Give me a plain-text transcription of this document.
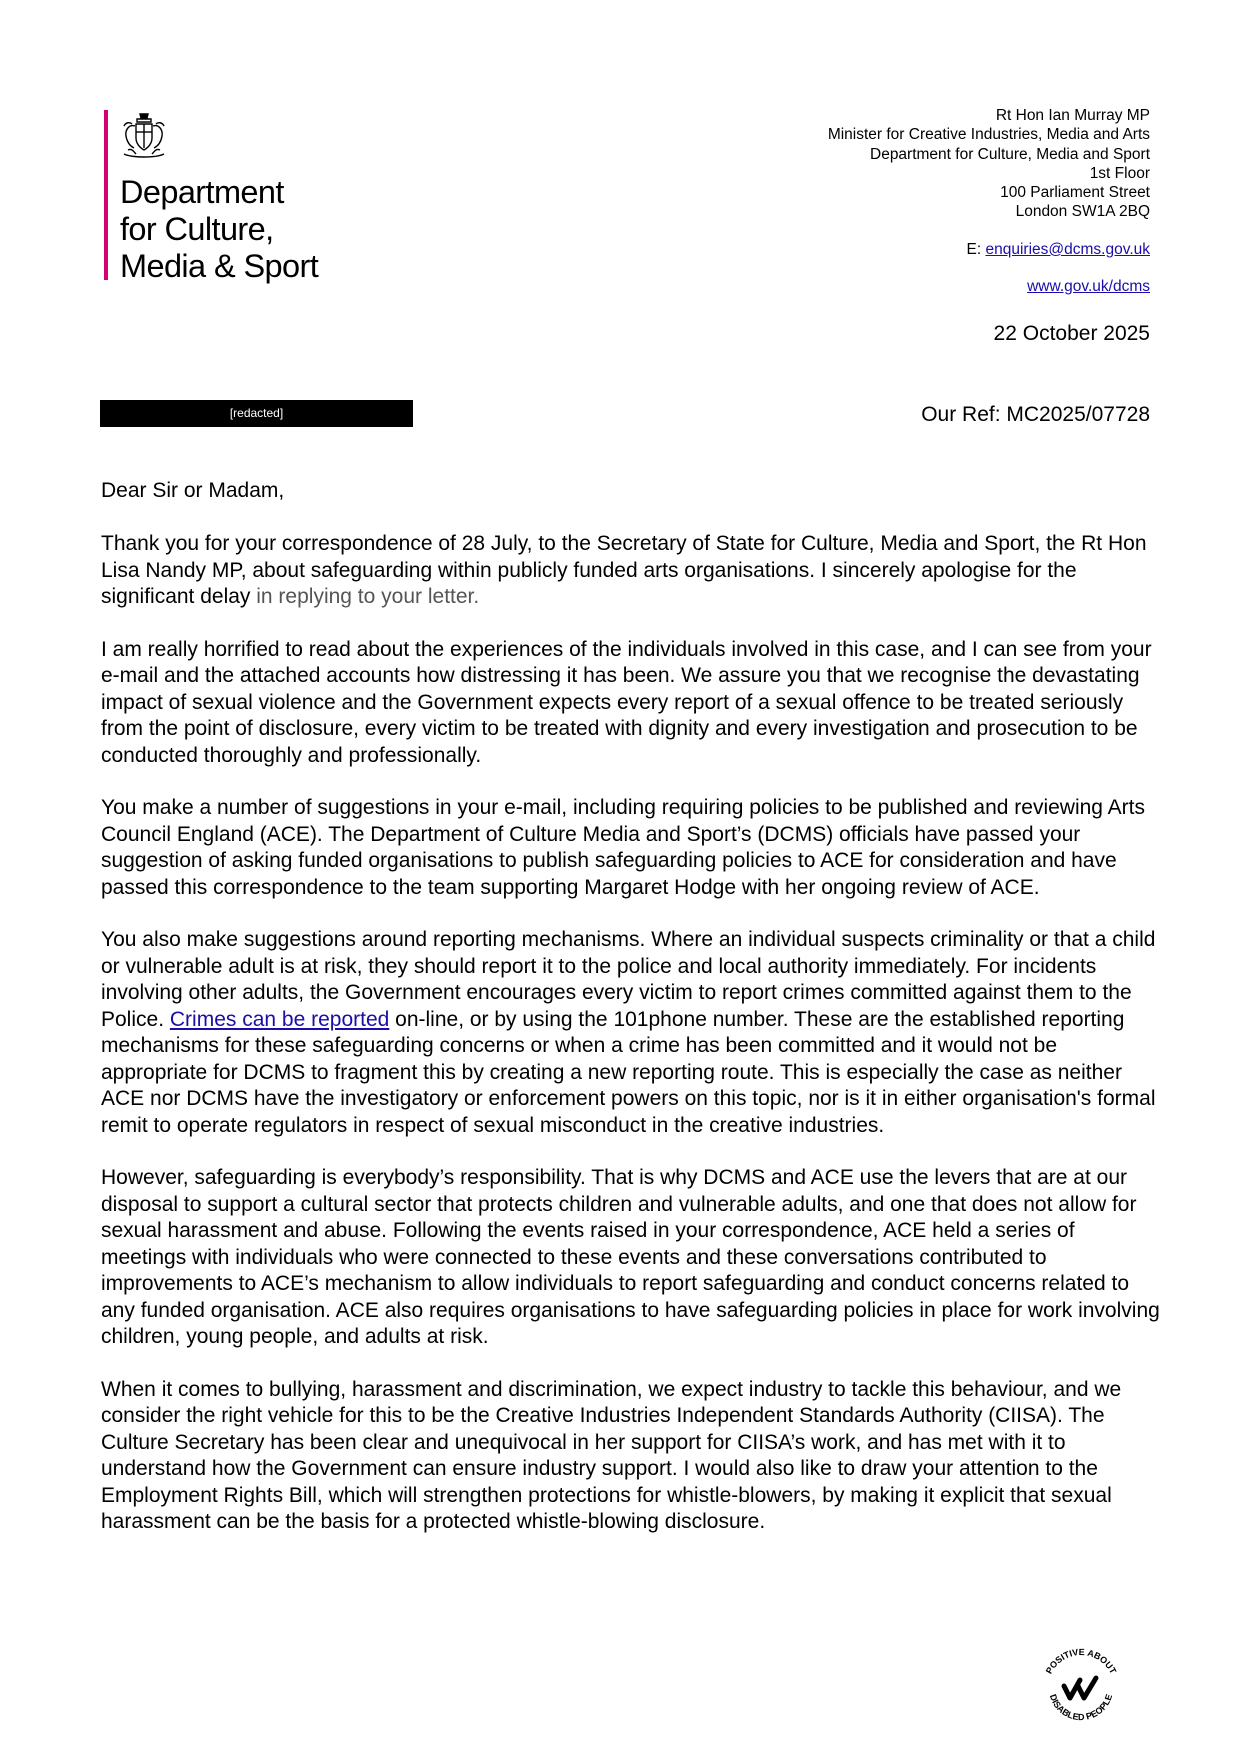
Department
for Culture,
Media & Sport
Rt Hon Ian Murray MP
Minister for Creative Industries, Media and Arts
Department for Culture, Media and Sport
1st Floor
100 Parliament Street
London SW1A 2BQ
E: enquiries@dcms.gov.uk
www.gov.uk/dcms
22 October 2025
[redacted]	Our Ref: MC2025/07728

Dear Sir or Madam,

Thank you for your correspondence of 28 July, to the Secretary of State for Culture, Media and Sport, the Rt Hon Lisa Nandy MP, about safeguarding within publicly funded arts organisations. I sincerely apologise for the significant delay in replying to your letter.

I am really horrified to read about the experiences of the individuals involved in this case, and I can see from your e-mail and the attached accounts how distressing it has been. We assure you that we recognise the devastating impact of sexual violence and the Government expects every report of a sexual offence to be treated seriously from the point of disclosure, every victim to be treated with dignity and every investigation and prosecution to be conducted thoroughly and professionally.

You make a number of suggestions in your e-mail, including requiring policies to be published and reviewing Arts Council England (ACE). The Department of Culture Media and Sport’s (DCMS) officials have passed your suggestion of asking funded organisations to publish safeguarding policies to ACE for consideration and have passed this correspondence to the team supporting Margaret Hodge with her ongoing review of ACE.

You also make suggestions around reporting mechanisms. Where an individual suspects criminality or that a child or vulnerable adult is at risk, they should report it to the police and local authority immediately. For incidents involving other adults, the Government encourages every victim to report crimes committed against them to the Police. Crimes can be reported on-line, or by using the 101phone number. These are the established reporting mechanisms for these safeguarding concerns or when a crime has been committed and it would not be appropriate for DCMS to fragment this by creating a new reporting route. This is especially the case as neither ACE nor DCMS have the investigatory or enforcement powers on this topic, nor is it in either organisation's formal remit to operate regulators in respect of sexual misconduct in the creative industries.

However, safeguarding is everybody’s responsibility. That is why DCMS and ACE use the levers that are at our disposal to support a cultural sector that protects children and vulnerable adults, and one that does not allow for sexual harassment and abuse. Following the events raised in your correspondence, ACE held a series of meetings with individuals who were connected to these events and these conversations contributed to improvements to ACE’s mechanism to allow individuals to report safeguarding and conduct concerns related to any funded organisation. ACE also requires organisations to have safeguarding policies in place for work involving children, young people, and adults at risk.

When it comes to bullying, harassment and discrimination, we expect industry to tackle this behaviour, and we consider the right vehicle for this to be the Creative Industries Independent Standards Authority (CIISA). The Culture Secretary has been clear and unequivocal in her support for CIISA’s work, and has met with it to understand how the Government can ensure industry support. I would also like to draw your attention to the Employment Rights Bill, which will strengthen protections for whistle-blowers, by making it explicit that sexual harassment can be the basis for a protected whistle-blowing disclosure.

POSITIVE ABOUT
DISABLED PEOPLE
